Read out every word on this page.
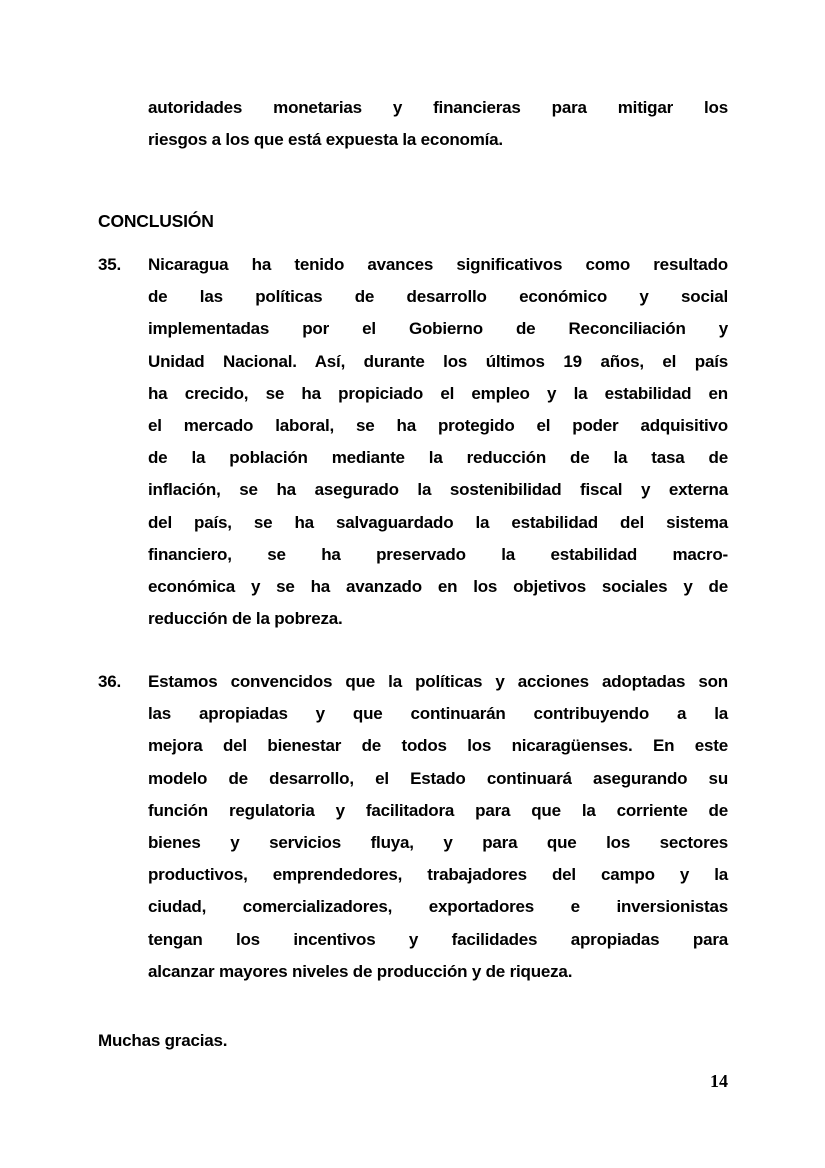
autoridades monetarias y financieras para mitigar los
riesgos a los que está expuesta la economía.
CONCLUSIÓN
35. Nicaragua ha tenido avances significativos como resultado
de las políticas de desarrollo económico y social
implementadas por el Gobierno de Reconciliación y
Unidad Nacional. Así, durante los últimos 19 años, el país
ha crecido, se ha propiciado el empleo y la estabilidad en
el mercado laboral, se ha protegido el poder adquisitivo
de la población mediante la reducción de la tasa de
inflación, se ha asegurado la sostenibilidad fiscal y externa
del país, se ha salvaguardado la estabilidad del sistema
financiero, se ha preservado la estabilidad macro-
económica y se ha avanzado en los objetivos sociales y de
reducción de la pobreza.
36. Estamos convencidos que la políticas y acciones adoptadas son
las apropiadas y que continuarán contribuyendo a la
mejora del bienestar de todos los nicaragüenses. En este
modelo de desarrollo, el Estado continuará asegurando su
función regulatoria y facilitadora para que la corriente de
bienes y servicios fluya, y para que los sectores
productivos, emprendedores, trabajadores del campo y la
ciudad, comercializadores, exportadores e inversionistas
tengan los incentivos y facilidades apropiadas para
alcanzar mayores niveles de producción y de riqueza.
Muchas gracias.
14
